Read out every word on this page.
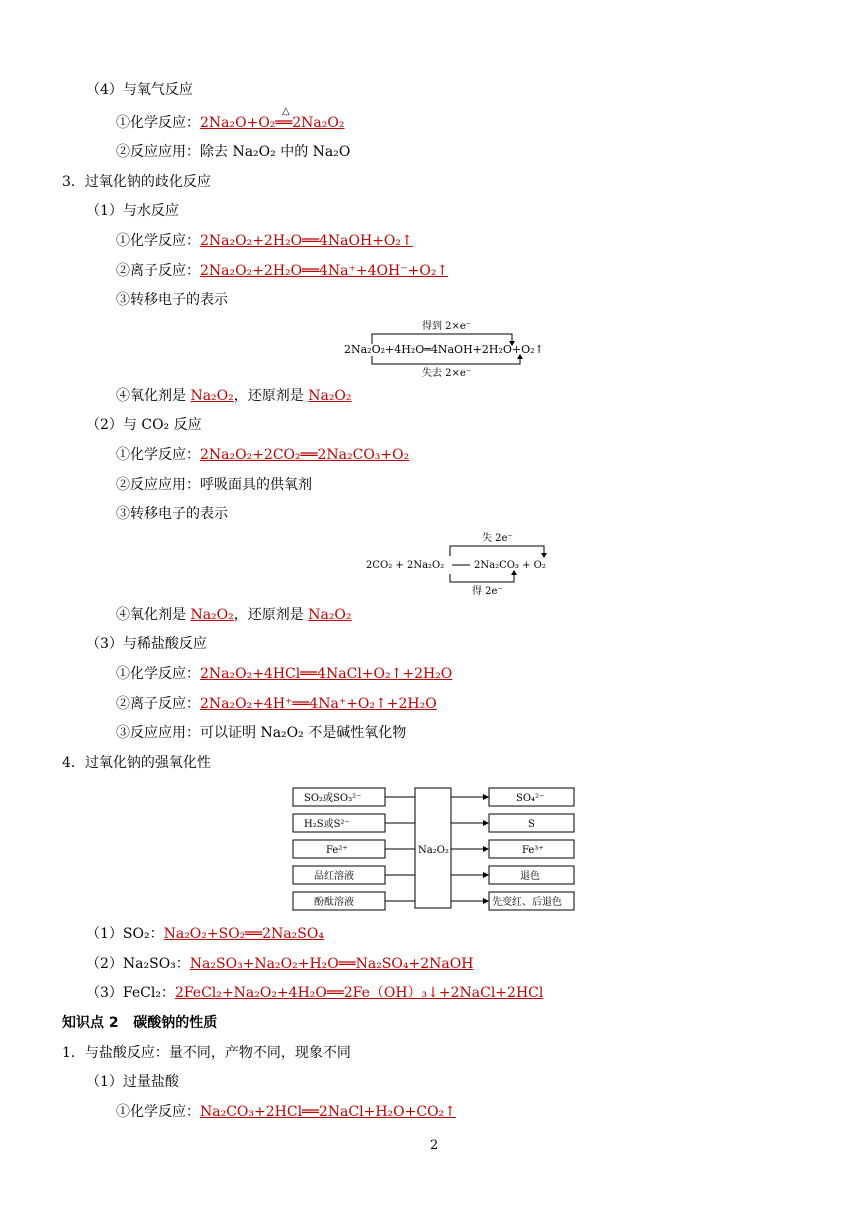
（4）与氧气反应
①化学反应：2Na₂O+O₂══2Na₂O₂
△
②反应应用：除去 Na₂O₂ 中的 Na₂O
3．过氧化钠的歧化反应
（1）与水反应
①化学反应：2Na₂O₂+2H₂O══4NaOH+O₂↑
②离子反应：2Na₂O₂+2H₂O══4Na⁺+4OH⁻+O₂↑
③转移电子的表示
得到 2×e⁻
2Na₂O₂+4H₂O═4NaOH+2H₂O+O₂↑
失去 2×e⁻
④氧化剂是 Na₂O₂，还原剂是 Na₂O₂
（2）与 CO₂ 反应
①化学反应：2Na₂O₂+2CO₂══2Na₂CO₃+O₂
②反应应用：呼吸面具的供氧剂
③转移电子的表示
失 2e⁻
2CO₂ + 2Na₂O₂	2Na₂CO₃ + O₂
得 2e⁻
④氧化剂是 Na₂O₂，还原剂是 Na₂O₂
（3）与稀盐酸反应
①化学反应：2Na₂O₂+4HCl══4NaCl+O₂↑+2H₂O
②离子反应：2Na₂O₂+4H⁺══4Na⁺+O₂↑+2H₂O
③反应应用：可以证明 Na₂O₂ 不是碱性氧化物
4．过氧化钠的强氧化性
Na₂O₂
SO₂或SO₃²⁻
H₂S或S²⁻
Fe²⁺
品红溶液
酚酞溶液
SO₄²⁻
S
Fe³⁺
退色
先变红、后退色
（1）SO₂：Na₂O₂+SO₂══2Na₂SO₄
（2）Na₂SO₃：Na₂SO₃+Na₂O₂+H₂O══Na₂SO₄+2NaOH
（3）FeCl₂：2FeCl₂+Na₂O₂+4H₂O══2Fe（OH）₃↓+2NaCl+2HCl
知识点 2 碳酸钠的性质
1．与盐酸反应：量不同，产物不同，现象不同
（1）过量盐酸
①化学反应：Na₂CO₃+2HCl══2NaCl+H₂O+CO₂↑
2
